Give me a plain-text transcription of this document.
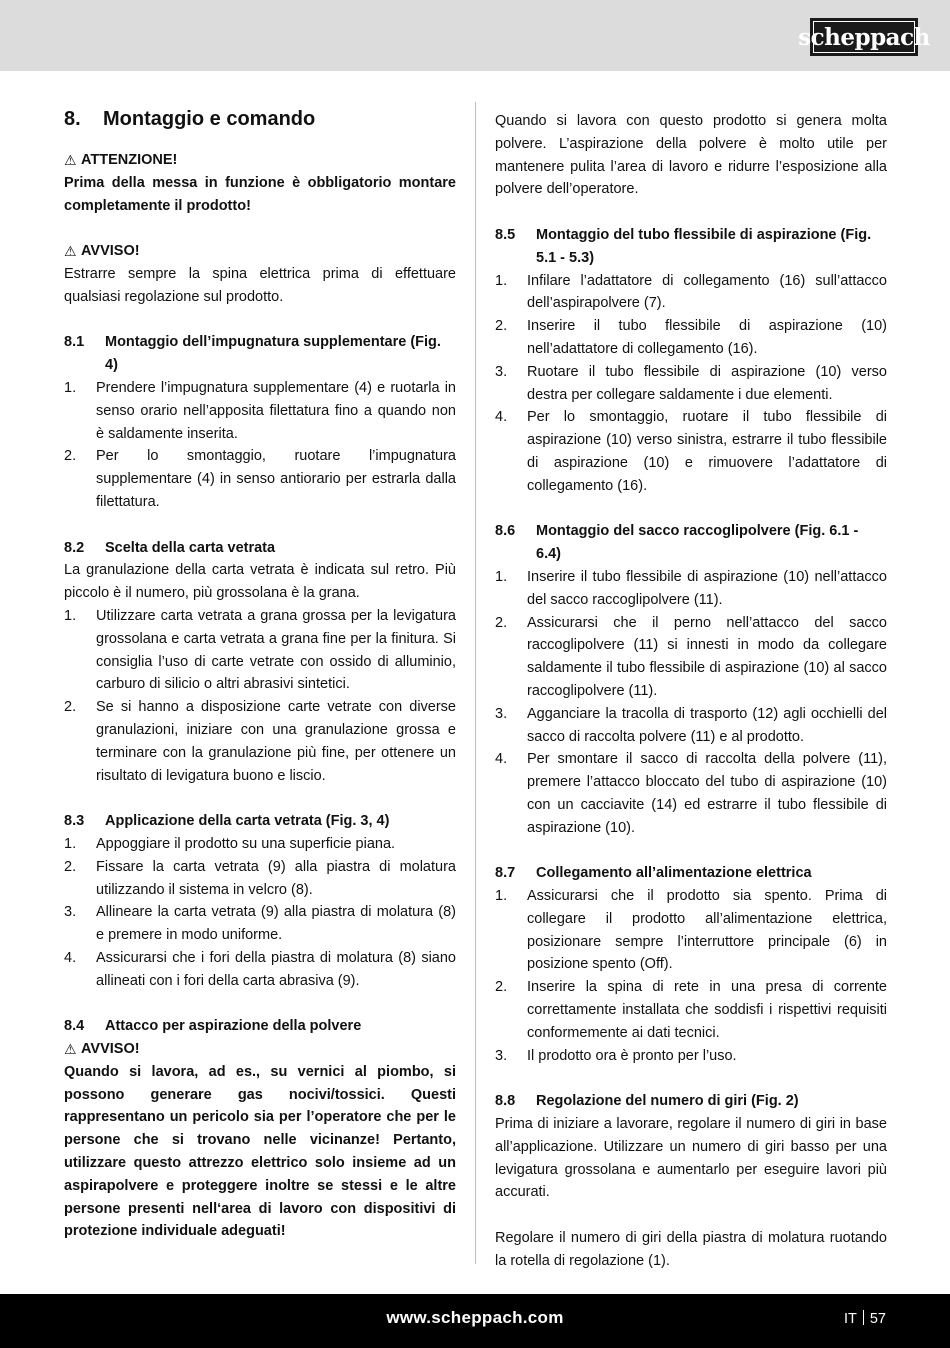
scheppach
8.	Montaggio e comando
⚠ ATTENZIONE!

Prima della messa in funzione è obbligatorio montare completamente il prodotto!

⚠ AVVISO!

Estrarre sempre la spina elettrica prima di effettuare qualsiasi regolazione sul prodotto.

8.1	Montaggio dell’impugnatura supplementare (Fig. 4)
1.	Prendere l’impugnatura supplementare (4) e ruotarla in senso orario nell’apposita filettatura fino a quando non è saldamente inserita.
2.	Per lo smontaggio, ruotare l’impugnatura supplementare (4) in senso antiorario per estrarla dalla filettatura.
8.2	Scelta della carta vetrata

La granulazione della carta vetrata è indicata sul retro. Più piccolo è il numero, più grossolana è la grana.

1.	Utilizzare carta vetrata a grana grossa per la levigatura grossolana e carta vetrata a grana fine per la finitura. Si consiglia l’uso di carte vetrate con ossido di alluminio, carburo di silicio o altri abrasivi sintetici.
2.	Se si hanno a disposizione carte vetrate con diverse granulazioni, iniziare con una granulazione grossa e terminare con la granulazione più fine, per ottenere un risultato di levigatura buono e liscio.
8.3	Applicazione della carta vetrata (Fig. 3, 4)
1.	Appoggiare il prodotto su una superficie piana.
2.	Fissare la carta vetrata (9) alla piastra di molatura utilizzando il sistema in velcro (8).
3.	Allineare la carta vetrata (9) alla piastra di molatura (8) e premere in modo uniforme.
4.	Assicurarsi che i fori della piastra di molatura (8) siano allineati con i fori della carta abrasiva (9).
8.4	Attacco per aspirazione della polvere
⚠ AVVISO!

Quando si lavora, ad es., su vernici al piombo, si possono generare gas nocivi/tossici. Questi rappresentano un pericolo sia per l’operatore che per le persone che si trovano nelle vicinanze! Pertanto, utilizzare questo attrezzo elettrico solo insieme ad un aspirapolvere e proteggere inoltre se stessi e le altre persone presenti nell‘area di lavoro con dispositivi di protezione individuale adeguati!

Quando si lavora con questo prodotto si genera molta polvere. L’aspirazione della polvere è molto utile per mantenere pulita l’area di lavoro e ridurre l’esposizione alla polvere dell’operatore.

8.5	Montaggio del tubo flessibile di aspirazione (Fig. 5.1 - 5.3)
1.	Infilare l’adattatore di collegamento (16) sull’attacco dell’aspirapolvere (7).
2.	Inserire il tubo flessibile di aspirazione (10) nell’adattatore di collegamento (16).
3.	Ruotare il tubo flessibile di aspirazione (10) verso destra per collegare saldamente i due elementi.
4.	Per lo smontaggio, ruotare il tubo flessibile di aspirazione (10) verso sinistra, estrarre il tubo flessibile di aspirazione (10) e rimuovere l’adattatore di collegamento (16).
8.6	Montaggio del sacco raccoglipolvere (Fig. 6.1 - 6.4)
1.	Inserire il tubo flessibile di aspirazione (10) nell’attacco del sacco raccoglipolvere (11).
2.	Assicurarsi che il perno nell’attacco del sacco raccoglipolvere (11) si innesti in modo da collegare saldamente il tubo flessibile di aspirazione (10) al sacco raccoglipolvere (11).
3.	Agganciare la tracolla di trasporto (12) agli occhielli del sacco di raccolta polvere (11) e al prodotto.
4.	Per smontare il sacco di raccolta della polvere (11), premere l’attacco bloccato del tubo di aspirazione (10) con un cacciavite (14) ed estrarre il tubo flessibile di aspirazione (10).
8.7	Collegamento all’alimentazione elettrica
1.	Assicurarsi che il prodotto sia spento. Prima di collegare il prodotto all’alimentazione elettrica, posizionare sempre l’interruttore principale (6) in posizione spento (Off).
2.	Inserire la spina di rete in una presa di corrente correttamente installata che soddisfi i rispettivi requisiti conformemente ai dati tecnici.
3.	Il prodotto ora è pronto per l’uso.
8.8	Regolazione del numero di giri (Fig. 2)

Prima di iniziare a lavorare, regolare il numero di giri in base all’applicazione. Utilizzare un numero di giri basso per una levigatura grossolana e aumentarlo per eseguire lavori più accurati.

Regolare il numero di giri della piastra di molatura ruotando la rotella di regolazione (1).

www.scheppach.com	IT 57
